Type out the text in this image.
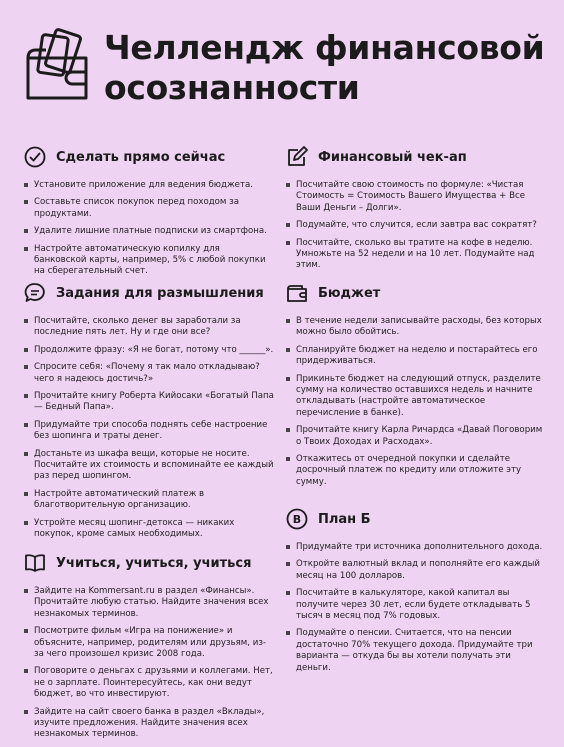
Челлендж финансовой осознанности
Сделать прямо сейчас
Установите приложение для ведения бюджета.
Составьте список покупок перед походом за продуктами.
Удалите лишние платные подписки из смартфона.
Настройте автоматическую копилку для банковской карты, например, 5% с любой покупки на сберегательный счет.
Задания для размышления
Посчитайте, сколько денег вы заработали за последние пять лет. Ну и где они все?
Продолжите фразу: «Я не богат, потому что ______».
Спросите себя: «Почему я так мало откладываю? чего я надеюсь достичь?»
Прочитайте книгу Роберта Кийосаки «Богатый Папа — Бедный Папа».
Придумайте три способа поднять себе настроение без шопинга и траты денег.
Достаньте из шкафа вещи, которые не носите. Посчитайте их стоимость и вспоминайте ее каждый раз перед шопингом.
Настройте автоматический платеж в благотворительную организацию.
Устройте месяц шопинг-детокса — никаких покупок, кроме самых необходимых.
Учиться, учиться, учиться
Зайдите на Kommersant.ru в раздел «Финансы». Прочитайте любую статью. Найдите значения всех незнакомых терминов.
Посмотрите фильм «Игра на понижение» и объясните, например, родителям или друзьям, из-за чего произошел кризис 2008 года.
Поговорите о деньгах с друзьями и коллегами. Нет, не о зарплате. Поинтересуйтесь, как они ведут бюджет, во что инвестируют.
Зайдите на сайт своего банка в раздел «Вклады», изучите предложения. Найдите значения всех незнакомых терминов.
Финансовый чек-ап
Посчитайте свою стоимость по формуле: «Чистая Стоимость = Стоимость Вашего Имущества + Все Ваши Деньги – Долги».
Подумайте, что случится, если завтра вас сократят?
Посчитайте, сколько вы тратите на кофе в неделю. Умножьте на 52 недели и на 10 лет. Подумайте над этим.
Бюджет
В течение недели записывайте расходы, без которых можно было обойтись.
Спланируйте бюджет на неделю и постарайтесь его придерживаться.
Прикиньте бюджет на следующий отпуск, разделите сумму на количество оставшихся недель и начните откладывать (настройте автоматическое перечисление в банке).
Прочитайте книгу Карла Ричардса «Давай Поговорим о Твоих Доходах и Расходах».
Откажитесь от очередной покупки и сделайте досрочный платеж по кредиту или отложите эту сумму.
B План Б
Придумайте три источника дополнительного дохода.
Откройте валютный вклад и пополняйте его каждый месяц на 100 долларов.
Посчитайте в калькуляторе, какой капитал вы получите через 30 лет, если будете откладывать 5 тысяч в месяц под 7% годовых.
Подумайте о пенсии. Считается, что на пенсии достаточно 70% текущего дохода. Придумайте три варианта — откуда бы вы хотели получать эти деньги.
